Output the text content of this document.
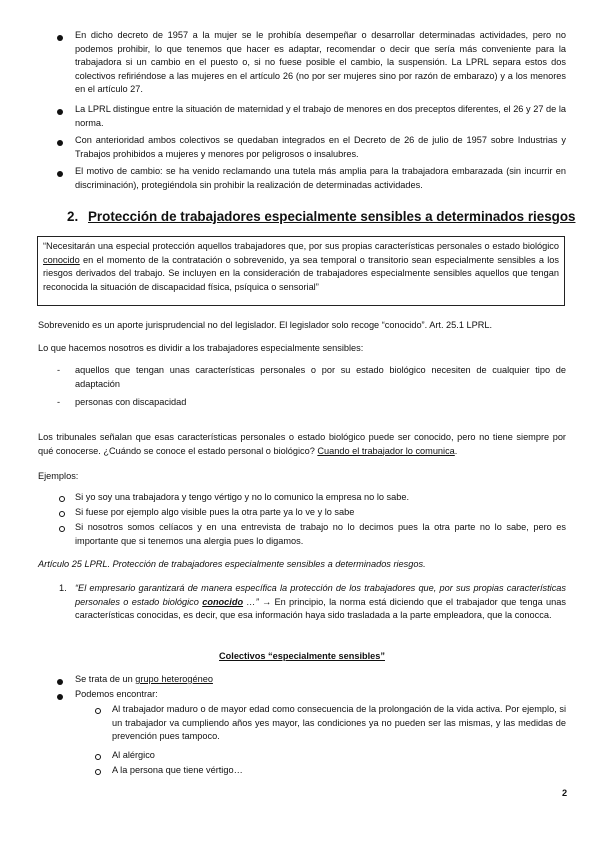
En dicho decreto de 1957 a la mujer se le prohibía desempeñar o desarrollar determinadas actividades, pero no podemos prohibir, lo que tenemos que hacer es adaptar, recomendar o decir que sería más conveniente para la trabajadora si un cambio en el puesto o, si no fuese posible el cambio, la suspensión. La LPRL separa estos dos colectivos refiriéndose a las mujeres en el artículo 26 (no por ser mujeres sino por razón de embarazo) y a los menores en el artículo 27.
La LPRL distingue entre la situación de maternidad y el trabajo de menores en dos preceptos diferentes, el 26 y 27 de la norma.
Con anterioridad ambos colectivos se quedaban integrados en el Decreto de 26 de julio de 1957 sobre Industrias y Trabajos prohibidos a mujeres y menores por peligrosos o insalubres.
El motivo de cambio: se ha venido reclamando una tutela más amplia para la trabajadora embarazada (sin incurrir en discriminación), protegiéndola sin prohibir la realización de determinadas actividades.
2. Protección de trabajadores especialmente sensibles a determinados riesgos
“Necesitarán una especial protección aquellos trabajadores que, por sus propias características personales o estado biológico conocido en el momento de la contratación o sobrevenido, ya sea temporal o transitorio sean especialmente sensibles a los riesgos derivados del trabajo. Se incluyen en la consideración de trabajadores especialmente sensibles aquellos que tengan reconocida la situación de discapacidad física, psíquica o sensorial”
Sobrevenido es un aporte jurisprudencial no del legislador. El legislador solo recoge “conocido”. Art. 25.1 LPRL.
Lo que hacemos nosotros es dividir a los trabajadores especialmente sensibles:
-	aquellos que tengan unas características personales o por su estado biológico necesiten de cualquier tipo de adaptación
-	personas con discapacidad
Los tribunales señalan que esas características personales o estado biológico puede ser conocido, pero no tiene siempre por qué conocerse. ¿Cuándo se conoce el estado personal o biológico? Cuando el trabajador lo comunica.
Ejemplos:
Si yo soy una trabajadora y tengo vértigo y no lo comunico la empresa no lo sabe.
Si fuese por ejemplo algo visible pues la otra parte ya lo ve y lo sabe
Si nosotros somos celíacos y en una entrevista de trabajo no lo decimos pues la otra parte no lo sabe, pero es importante que si tenemos una alergia pues lo digamos.
Artículo 25 LPRL. Protección de trabajadores especialmente sensibles a determinados riesgos.
1. “El empresario garantizará de manera específica la protección de los trabajadores que, por sus propias características personales o estado biológico conocido …” → En principio, la norma está diciendo que el trabajador que tenga unas características conocidas, es decir, que esa información haya sido trasladada a la parte empleadora, que la conocca.
Colectivos “especialmente sensibles”
Se trata de un grupo heterogéneo
Podemos encontrar:
Al trabajador maduro o de mayor edad como consecuencia de la prolongación de la vida activa. Por ejemplo, si un trabajador va cumpliendo años yes mayor, las condiciones ya no pueden ser las mismas, y las medidas de prevención pues tampoco.
Al alérgico
A la persona que tiene vértigo…
2
